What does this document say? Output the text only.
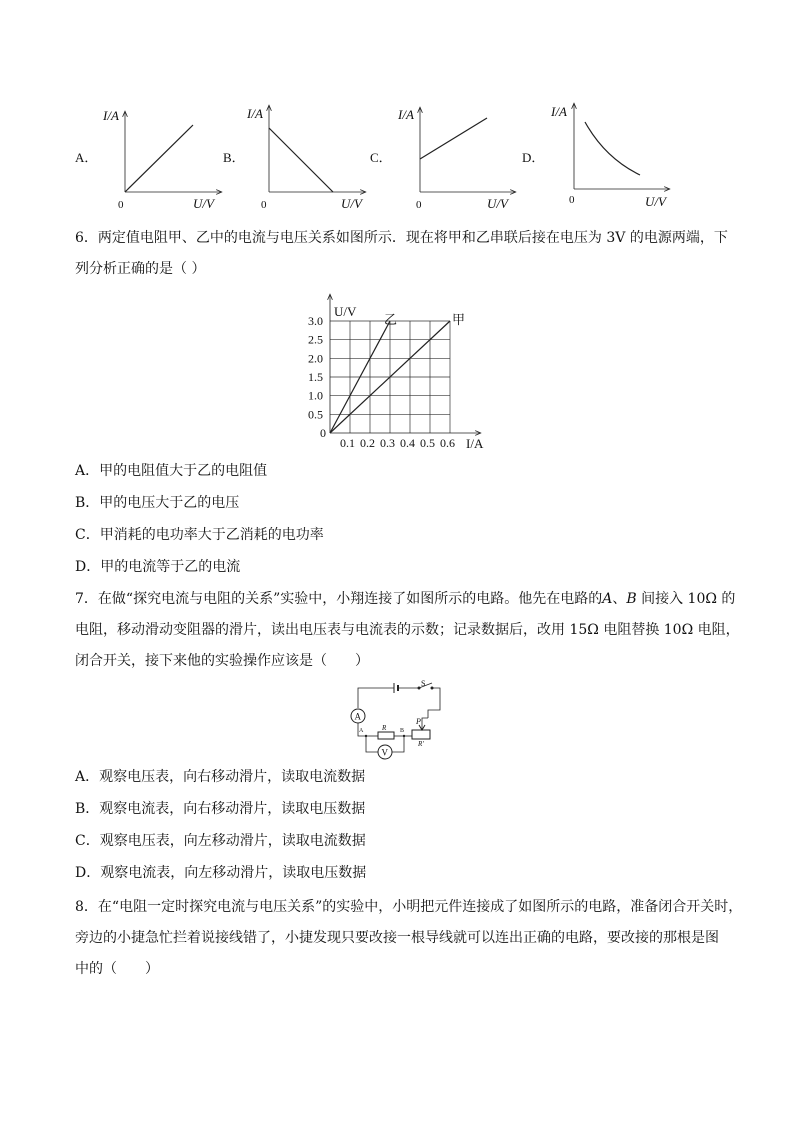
A．
I/A
U/V
0
B．
I/A
U/V
0
C．
I/A
U/V
0
D．
I/A
U/V
0
6．两定值电阻甲、乙中的电流与电压关系如图所示．现在将甲和乙串联后接在电压为 3V 的电源两端，下
列分析正确的是（ ）
U/V
I/A
3.0
2.5
2.0
1.5
1.0
0.5
0
0.1 0.2 0.3 0.4 0.5 0.6
乙	甲
A．甲的电阻值大于乙的电阻值
B．甲的电压大于乙的电压
C．甲消耗的电功率大于乙消耗的电功率
D．甲的电流等于乙的电流
7．在做“探究电流与电阻的关系”实验中，小翔连接了如图所示的电路。他先在电路的A、B 间接入 10Ω 的
电阻，移动滑动变阻器的滑片，读出电压表与电流表的示数；记录数据后，改用 15Ω 电阻替换 10Ω 电阻，
闭合开关，接下来他的实验操作应该是（　　）
S
A
A	R B
P
R'
V
A．观察电压表，向右移动滑片，读取电流数据
B．观察电流表，向右移动滑片，读取电压数据
C．观察电压表，向左移动滑片，读取电流数据
D．观察电流表，向左移动滑片，读取电压数据
8．在“电阻一定时探究电流与电压关系”的实验中，小明把元件连接成了如图所示的电路，准备闭合开关时，
旁边的小捷急忙拦着说接线错了，小捷发现只要改接一根导线就可以连出正确的电路，要改接的那根是图
中的（　　）
